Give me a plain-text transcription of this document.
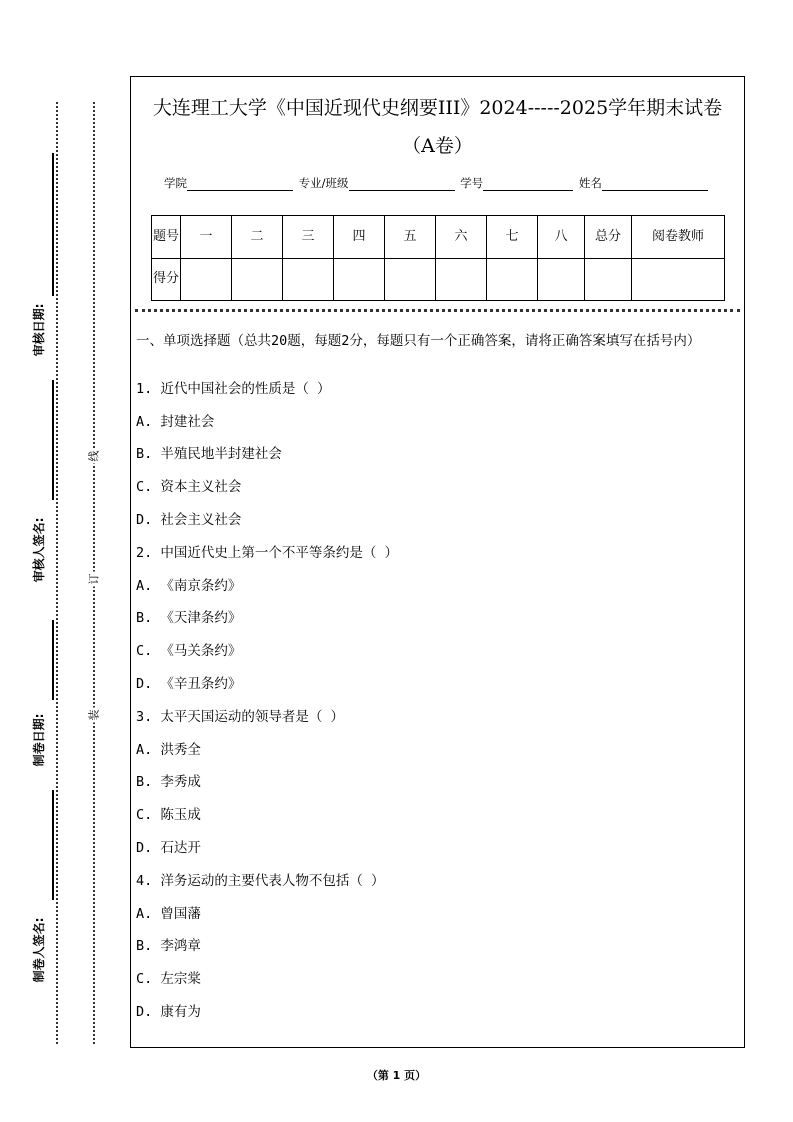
审核日期:
审核人签名:
制卷日期:
制卷人签名:
线
订
装
大连理工大学《中国近现代史纲要III》2024-----2025学年期末试卷（A卷）
学院	专业/班级	学号	姓名
题号	一	二	三	四	五	六	七	八	总分	阅卷教师
得分										
一、单项选择题（总共20题，每题2分，每题只有一个正确答案，请将正确答案填写在括号内）
1. 近代中国社会的性质是（ ）
A. 封建社会
B. 半殖民地半封建社会
C. 资本主义社会
D. 社会主义社会
2. 中国近代史上第一个不平等条约是（ ）
A. 《南京条约》
B. 《天津条约》
C. 《马关条约》
D. 《辛丑条约》
3. 太平天国运动的领导者是（ ）
A. 洪秀全
B. 李秀成
C. 陈玉成
D. 石达开
4. 洋务运动的主要代表人物不包括（ ）
A. 曾国藩
B. 李鸿章
C. 左宗棠
D. 康有为
（第 1 页）
